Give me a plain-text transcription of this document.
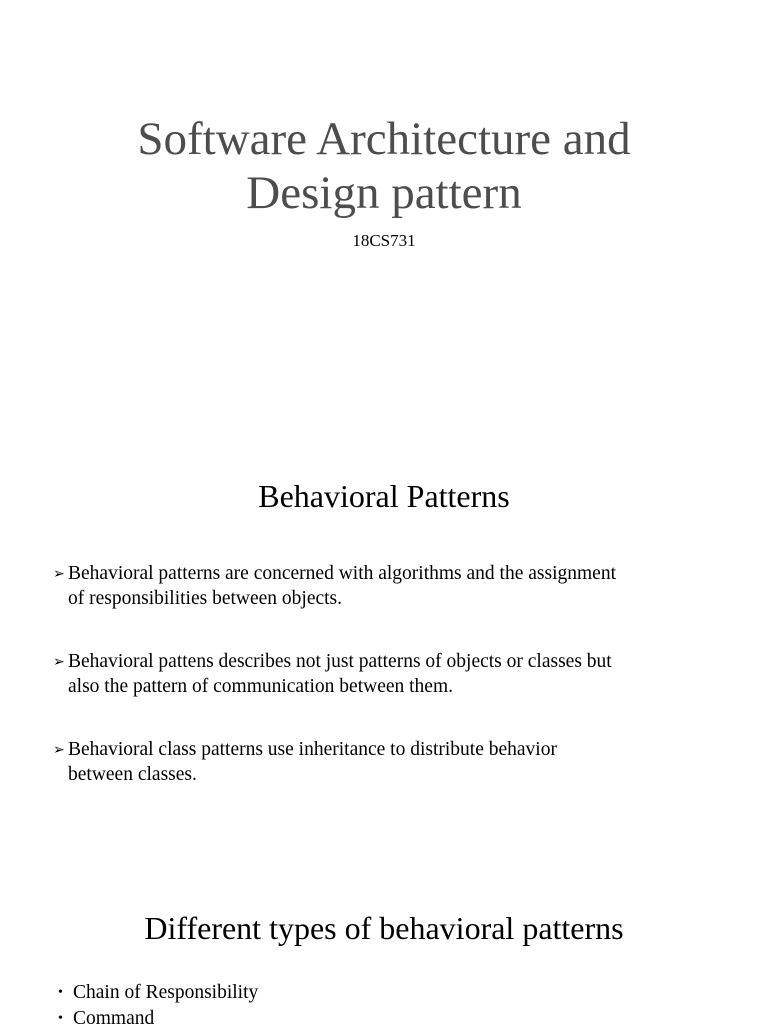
Software Architecture and
Design pattern
18CS731
Behavioral Patterns
➢ Behavioral patterns are concerned with algorithms and the assignment
of responsibilities between objects.
➢ Behavioral pattens describes not just patterns of objects or classes but
also the pattern of communication between them.
➢ Behavioral class patterns use inheritance to distribute behavior
between classes.
Different types of behavioral patterns
• Chain of Responsibility
• Command
